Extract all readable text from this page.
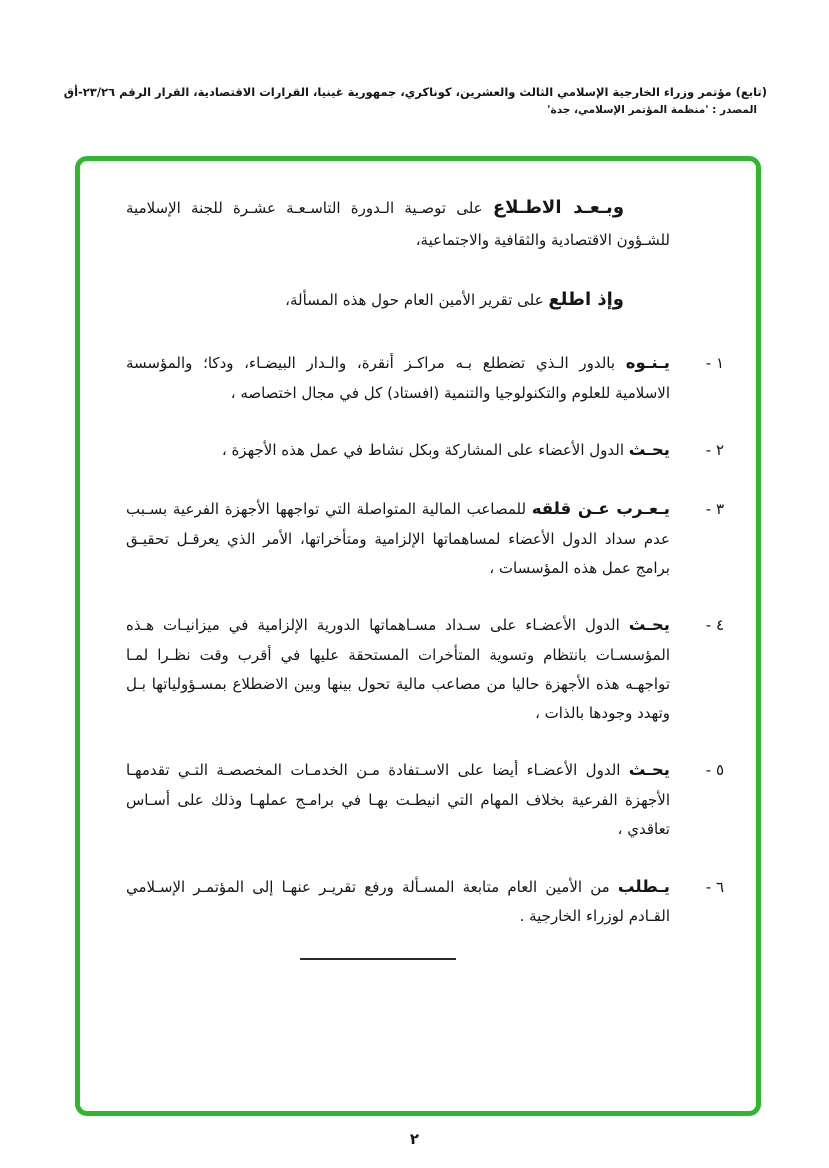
(تابع) مؤتمر وزراء الخارجية الإسلامي الثالث والعشرين، كوناكري، جمهورية غينيا، القرارات الاقتصادية، القرار الرقم ٢٣/٢٦-أق
المصدر : 'منظمة المؤتمر الإسلامي، جدة'

وبـعـد الاطـلاع على توصـية الـدورة التاسـعـة عشـرة للجنة الإسلامية للشـؤون الاقتصادية والثقافية والاجتماعية،

وإذ اطلع على تقرير الأمين العام حول هذه المسألة،

١ -

يـنـوه بالدور الـذي تضطلع بـه مراكـز أنقرة، والـدار البيضـاء، ودكا؛ والمؤسسة الاسلامية للعلوم والتكنولوجيا والتنمية (افستاد) كل في مجال اختصاصه ،

٢ -

يحـث الدول الأعضاء على المشاركة وبكل نشاط في عمل هذه الأجهزة ،

٣ -

يـعـرب عـن قلقه للمصاعب المالية المتواصلة التي تواجهها الأجهزة الفرعية بسـبب عدم سداد الدول الأعضاء لمساهماتها الإلزامية ومتأخراتها، الأمر الذي يعرقـل تحقيـق برامج عمل هذه المؤسسات ،

٤ -

يحـث الدول الأعضـاء على سـداد مسـاهماتها الدورية الإلزامية في ميزانيـات هـذه المؤسسـات بانتظام وتسوية المتأخرات المستحقة عليها في أقرب وقت نظـرا لمـا تواجهـه هذه الأجهزة حاليا من مصاعب مالية تحول بينها وبين الاضطلاع بمسـؤولياتها بـل وتهدد وجودها بالذات ،

٥ -

يحـث الدول الأعضـاء أيضا على الاسـتفادة مـن الخدمـات المخصصـة التـي تقدمهـا الأجهزة الفرعية بخلاف المهام التي انيطـت بهـا في برامـج عملهـا وذلك على أسـاس تعاقدي ،

٦ -

يـطلب من الأمين العام متابعة المسـألة ورفع تقريـر عنهـا إلى المؤتمـر الإسـلامي القـادم لوزراء الخارجية .

٢
